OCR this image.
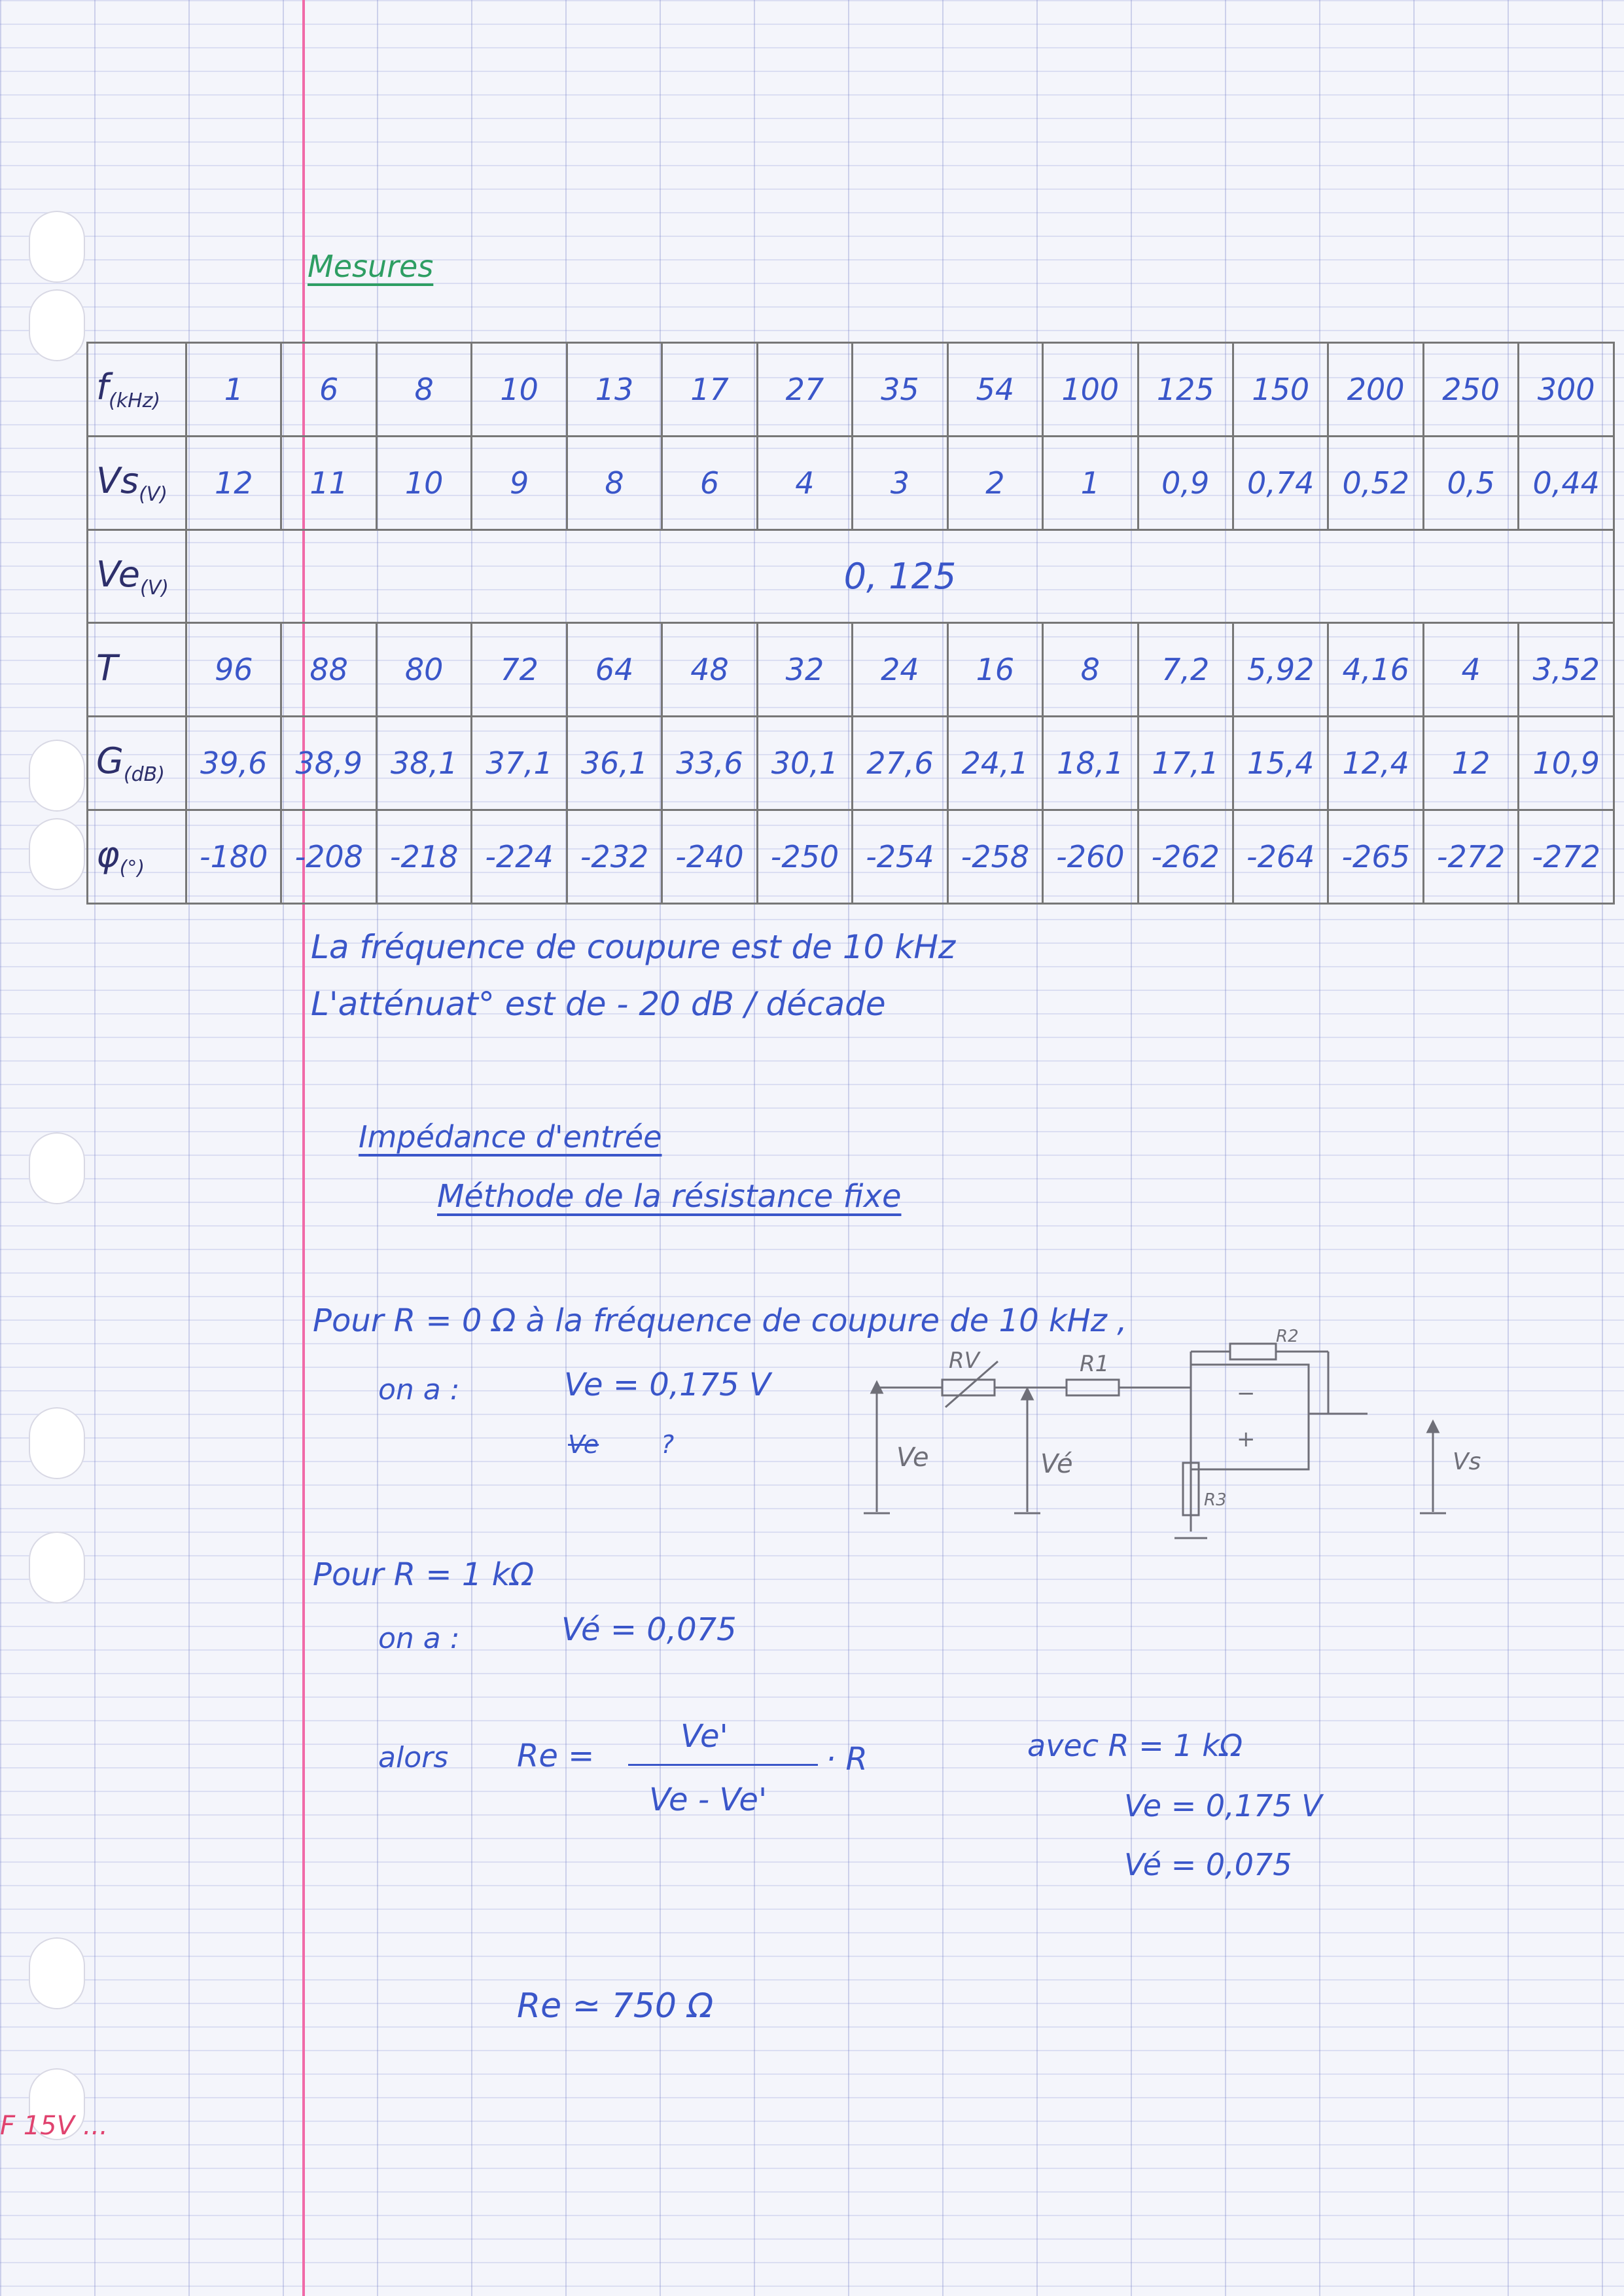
Mesures
$f_{(kHz)}$	1	6	8	10	13	17	27	35	54	100	125	150	200	250	300
$Vs_{(V)}$	12	11	10	9	8	6	4	3	2	1	0,9	0,74	0,52	0,5	0,44
$Ve_{(V)}$	0, 125														
T	96	88	80	72	64	48	32	24	16	8	7,2	5,92	4,16	4	3,52
$G_{(dB)}$	39,6	38,9	38,1	37,1	36,1	33,6	30,1	27,6	24,1	18,1	17,1	15,4	12,4	12	10,9
$\varphi_{(^\circ)}$	-180	-208	-218	-224	-232	-240	-250	-254	-258	-260	-262	-264	-265	-272	-272
La fréquence de coupure est de 10 kHz
L'atténuat° est de - 20 dB / décade
Impédance d'entrée
Méthode de la résistance fixe
Pour R = 0 Ω à la fréquence de coupure de 10 kHz ,
on a :	Ve = 0,175 V
Ve ?
Pour R = 1 kΩ
on a :	Vé = 0,075
alors Re =
Ve'
Ve - Ve'
· R	avec R = 1 kΩ
Ve = 0,175 V
Vé = 0,075
Re ≃ 750 Ω
RV	R1
R2
R3
Ve	Vé	Vs
−
+
F 15V ...
